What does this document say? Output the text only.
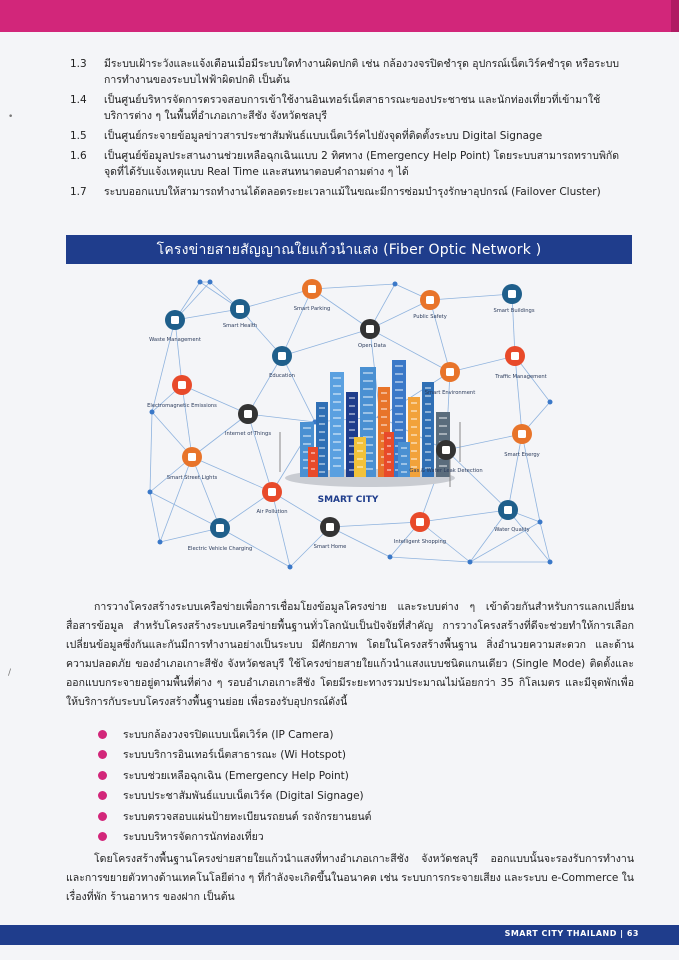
•
/
1.3	มีระบบเฝ้าระวังและแจ้งเตือนเมื่อมีระบบใดทำงานผิดปกติ เช่น กล้องวงจรปิดชำรุด อุปกรณ์เน็ตเวิร์คชำรุด หรือระบบการทำงานของระบบไฟฟ้าผิดปกติ เป็นต้น
1.4	เป็นศูนย์บริหารจัดการตรวจสอบการเข้าใช้งานอินเทอร์เน็ตสาธารณะของประชาชน และนักท่องเที่ยวที่เข้ามาใช้บริการต่าง ๆ ในพื้นที่อำเภอเกาะสีชัง จังหวัดชลบุรี
1.5	เป็นศูนย์กระจายข้อมูลข่าวสารประชาสัมพันธ์แบบเน็ตเวิร์คไปยังจุดที่ติดตั้งระบบ Digital Signage
1.6	เป็นศูนย์ข้อมูลประสานงานช่วยเหลือฉุกเฉินแบบ 2 ทิศทาง (Emergency Help Point) โดยระบบสามารถทราบพิกัดจุดที่ได้รับแจ้งเหตุแบบ Real Time และสนทนาตอบคำถามต่าง ๆ ได้
1.7	ระบบออกแบบให้สามารถทำงานได้ตลอดระยะเวลาแม้ในขณะมีการซ่อมบำรุงรักษาอุปกรณ์ (Failover Cluster)
โครงข่ายสายสัญญาณใยแก้วนำแสง (Fiber Optic Network )
Smart Parking
Smart Health
Waste Management
Public Safety
Smart Buildings
Open Data
Education	Traffic Management
Electromagnetic Emissions
Smart Environment
Internet of Things
Smart Energy
Smart Street Lights
Gas & Water Leak Detection
Air Pollution
Smart Home
Intelligent Shopping
Water Quality
Electric Vehicle Charging
SMART CITY
การวางโครงสร้างระบบเครือข่ายเพื่อการเชื่อมโยงข้อมูลโครงข่าย และระบบต่าง ๆ เข้าด้วยกันสำหรับการแลกเปลี่ยนสื่อสารข้อมูล สำหรับโครงสร้างระบบเครือข่ายพื้นฐานทั่วโลกนับเป็นปัจจัยที่สำคัญ การวางโครงสร้างที่ดีจะช่วยทำให้การเลือกเปลี่ยนข้อมูลซึ่งกันและกันมีการทำงานอย่างเป็นระบบ มีศักยภาพ โดยในโครงสร้างพื้นฐาน สิ่งอำนวยความสะดวก และด้านความปลอดภัย ของอำเภอเกาะสีชัง จังหวัดชลบุรี ใช้โครงข่ายสายใยแก้วนำแสงแบบชนิดแกนเดียว (Single Mode) ติดตั้งและออกแบบกระจายอยู่ตามพื้นที่ต่าง ๆ รอบอำเภอเกาะสีชัง โดยมีระยะทางรวมประมาณไม่น้อยกว่า 35 กิโลเมตร และมีจุดพักเพื่อให้บริการกับระบบโครงสร้างพื้นฐานย่อย เพื่อรองรับอุปกรณ์ดังนี้
ระบบกล้องวงจรปิดแบบเน็ตเวิร์ค (IP Camera)
ระบบบริการอินเทอร์เน็ตสาธารณะ (Wi Hotspot)
ระบบช่วยเหลือฉุกเฉิน (Emergency Help Point)
ระบบประชาสัมพันธ์แบบเน็ตเวิร์ค (Digital Signage)
ระบบตรวจสอบแผ่นป้ายทะเบียนรถยนต์ รถจักรยานยนต์
ระบบบริหารจัดการนักท่องเที่ยว
โดยโครงสร้างพื้นฐานโครงข่ายสายใยแก้วนำแสงที่ทางอำเภอเกาะสีชัง จังหวัดชลบุรี ออกแบบนั้นจะรองรับการทำงานและการขยายตัวทางด้านเทคโนโลยีต่าง ๆ ที่กำลังจะเกิดขึ้นในอนาคต เช่น ระบบการกระจายเสียง และระบบ e-Commerce ในเรื่องที่พัก ร้านอาหาร ของฝาก เป็นต้น
SMART CITY THAILAND | 63
